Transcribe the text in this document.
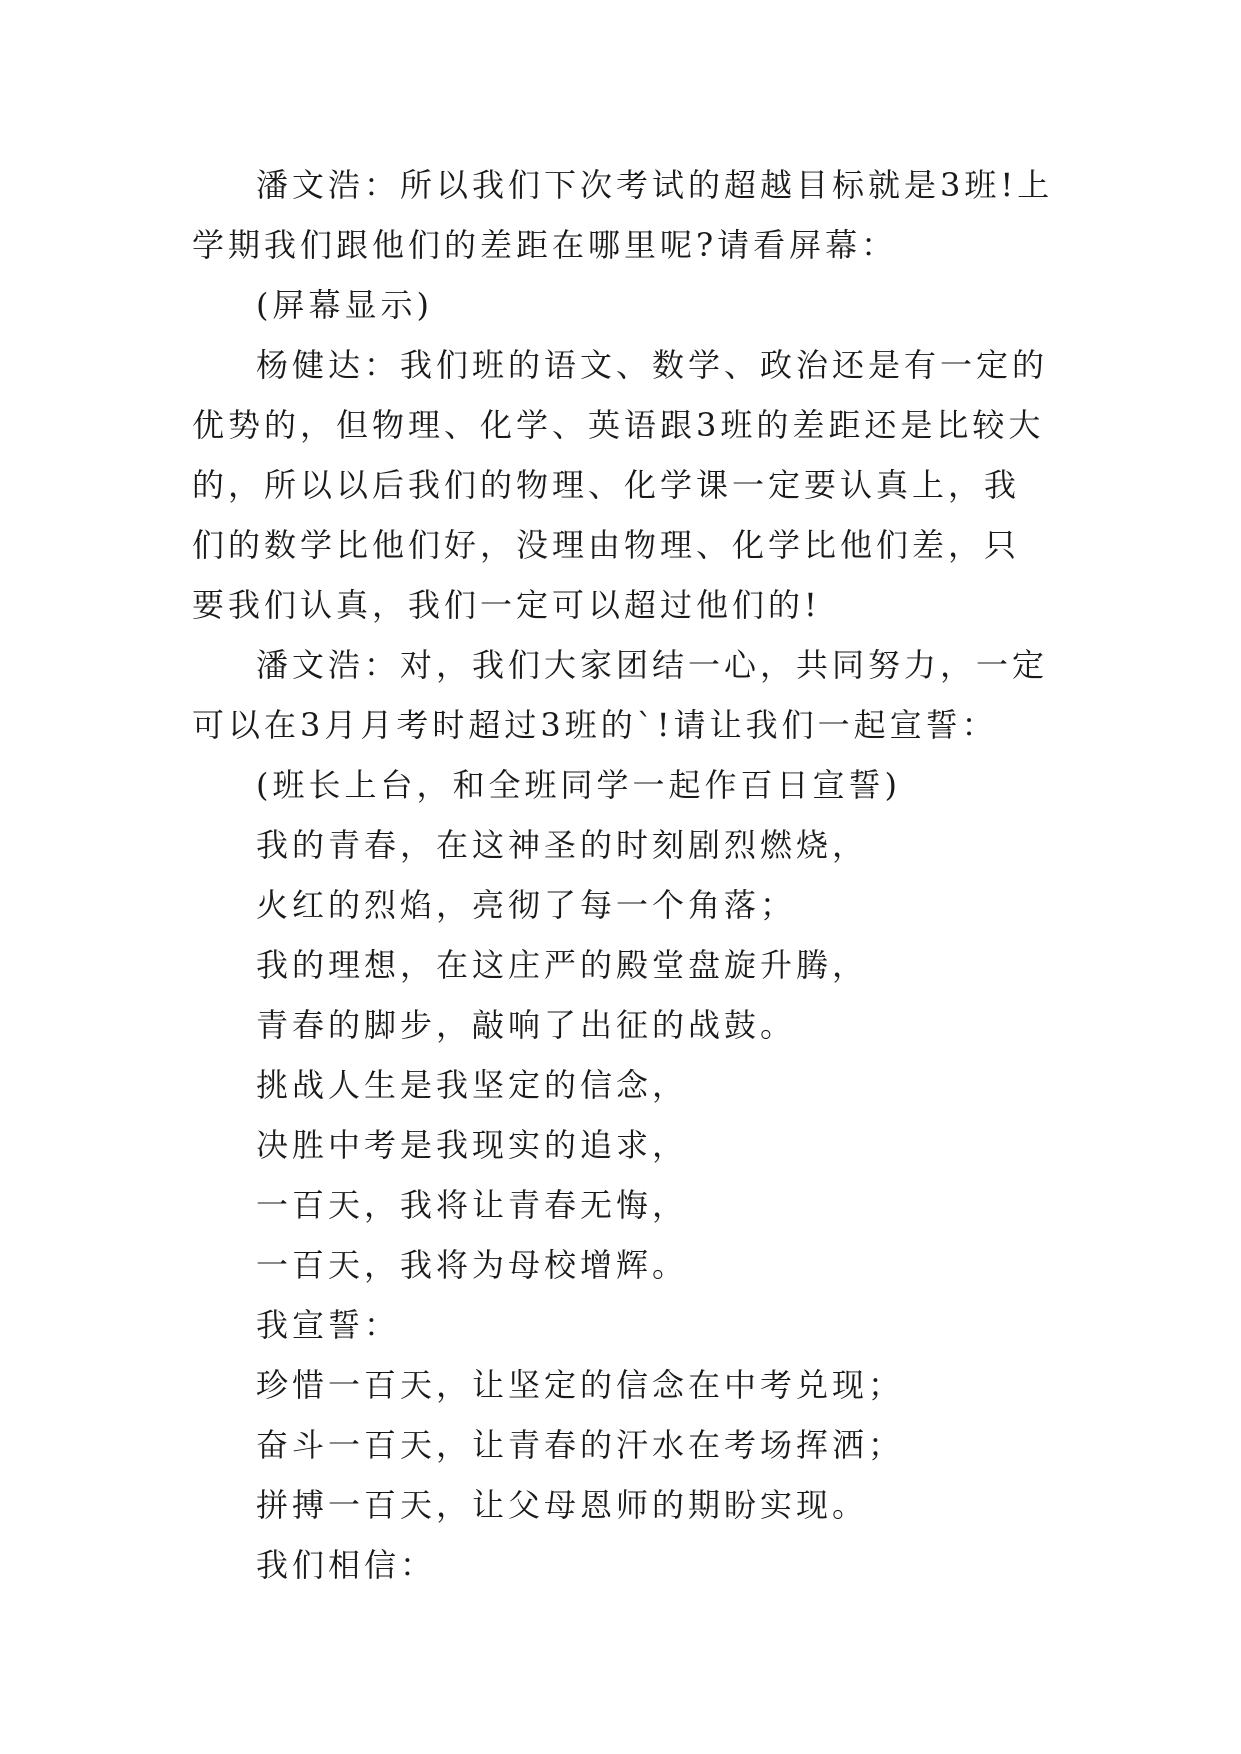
潘文浩：所以我们下次考试的超越目标就是3班!上学期我们跟他们的差距在哪里呢?请看屏幕：

(屏幕显示)

杨健达：我们班的语文、数学、政治还是有一定的优势的，但物理、化学、英语跟3班的差距还是比较大的，所以以后我们的物理、化学课一定要认真上，我们的数学比他们好，没理由物理、化学比他们差，只要我们认真，我们一定可以超过他们的!

潘文浩：对，我们大家团结一心，共同努力，一定可以在3月月考时超过3班的`!请让我们一起宣誓：

(班长上台，和全班同学一起作百日宣誓)

我的青春，在这神圣的时刻剧烈燃烧，

火红的烈焰，亮彻了每一个角落；

我的理想，在这庄严的殿堂盘旋升腾，

青春的脚步，敲响了出征的战鼓。

挑战人生是我坚定的信念，

决胜中考是我现实的追求，

一百天，我将让青春无悔，

一百天，我将为母校增辉。

我宣誓：

珍惜一百天，让坚定的信念在中考兑现；

奋斗一百天，让青春的汗水在考场挥洒；

拼搏一百天，让父母恩师的期盼实现。

我们相信：
